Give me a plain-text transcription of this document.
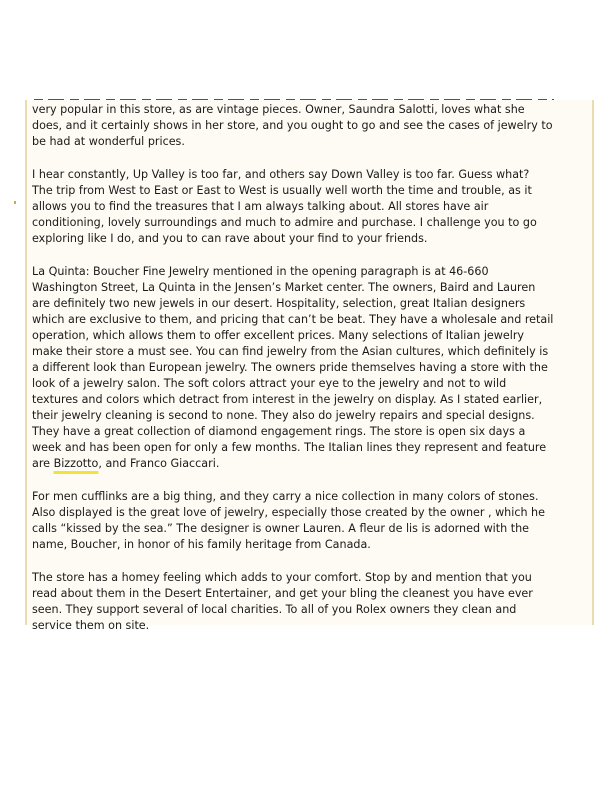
very popular in this store, as are vintage pieces. Owner, Saundra Salotti, loves what she
does, and it certainly shows in her store, and you ought to go and see the cases of jewelry to
be had at wonderful prices.

I hear constantly, Up Valley is too far, and others say Down Valley is too far. Guess what?
The trip from West to East or East to West is usually well worth the time and trouble, as it
allows you to find the treasures that I am always talking about. All stores have air
conditioning, lovely surroundings and much to admire and purchase. I challenge you to go
exploring like I do, and you to can rave about your find to your friends.

La Quinta: Boucher Fine Jewelry mentioned in the opening paragraph is at 46-660
Washington Street, La Quinta in the Jensen’s Market center. The owners, Baird and Lauren
are definitely two new jewels in our desert. Hospitality, selection, great Italian designers
which are exclusive to them, and pricing that can’t be beat. They have a wholesale and retail
operation, which allows them to offer excellent prices. Many selections of Italian jewelry
make their store a must see. You can find jewelry from the Asian cultures, which definitely is
a different look than European jewelry. The owners pride themselves having a store with the
look of a jewelry salon. The soft colors attract your eye to the jewelry and not to wild
textures and colors which detract from interest in the jewelry on display. As I stated earlier,
their jewelry cleaning is second to none. They also do jewelry repairs and special designs.
They have a great collection of diamond engagement rings. The store is open six days a
week and has been open for only a few months. The Italian lines they represent and feature
are Bizzotto, and Franco Giaccari.

For men cufflinks are a big thing, and they carry a nice collection in many colors of stones.
Also displayed is the great love of jewelry, especially those created by the owner , which he
calls “kissed by the sea.” The designer is owner Lauren. A fleur de lis is adorned with the
name, Boucher, in honor of his family heritage from Canada.

The store has a homey feeling which adds to your comfort. Stop by and mention that you
read about them in the Desert Entertainer, and get your bling the cleanest you have ever
seen. They support several of local charities. To all of you Rolex owners they clean and
service them on site.
